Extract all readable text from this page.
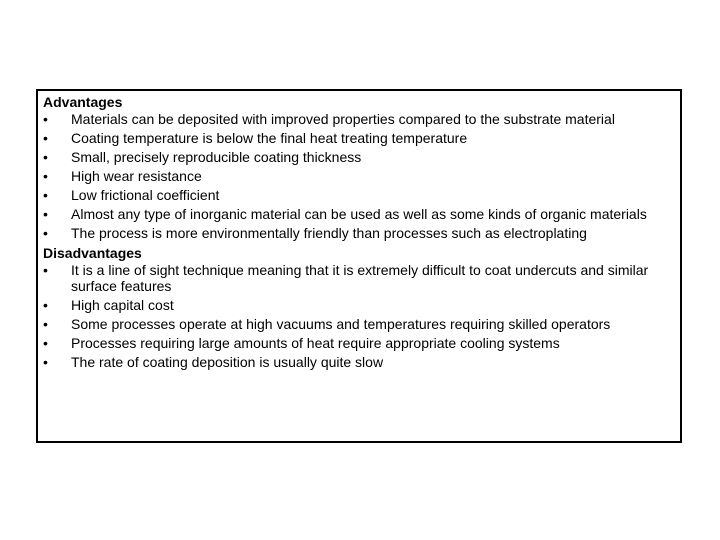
Advantages
•	Materials can be deposited with improved properties compared to the substrate material
•	Coating temperature is below the final heat treating temperature
•	Small, precisely reproducible coating thickness
•	High wear resistance
•	Low frictional coefficient
•	Almost any type of inorganic material can be used as well as some kinds of organic materials
•	The process is more environmentally friendly than processes such as electroplating
Disadvantages
•	It is a line of sight technique meaning that it is extremely difficult to coat undercuts and similar surface features
•	High capital cost
•	Some processes operate at high vacuums and temperatures requiring skilled operators
•	Processes requiring large amounts of heat require appropriate cooling systems
•	The rate of coating deposition is usually quite slow
